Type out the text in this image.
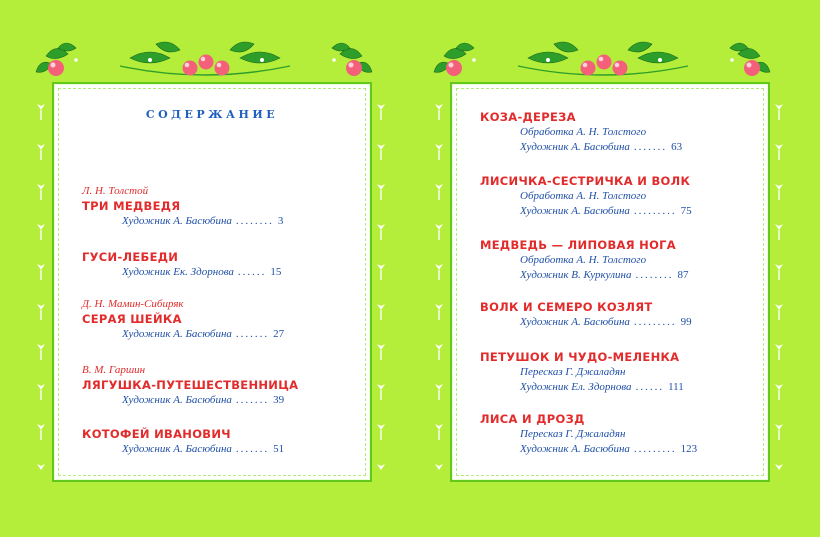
СОДЕРЖАНИЕ
Л. Н. Толстой
ТРИ МЕДВЕДЯ
Художник А. Басюбина ........ 3
ГУСИ-ЛЕБЕДИ
Художник Ек. Здорнова ...... 15
Д. Н. Мамин-Сибиряк
СЕРАЯ ШЕЙКА
Художник А. Басюбина ....... 27
В. М. Гаршин
ЛЯГУШКА-ПУТЕШЕСТВЕННИЦА
Художник А. Басюбина ....... 39
КОТОФЕЙ ИВАНОВИЧ
Художник А. Басюбина ....... 51
КОЗА-ДЕРЕЗА
Обработка А. Н. Толстого
Художник А. Басюбина ....... 63
ЛИСИЧКА-СЕСТРИЧКА И ВОЛК
Обработка А. Н. Толстого
Художник А. Басюбина ......... 75
МЕДВЕДЬ — ЛИПОВАЯ НОГА
Обработка А. Н. Толстого
Художник В. Куркулина ........ 87
ВОЛК И СЕМЕРО КОЗЛЯТ
Художник А. Басюбина ......... 99
ПЕТУШОК И ЧУДО-МЕЛЕНКА
Пересказ Г. Джаладян
Художник Ел. Здорнова ...... 111
ЛИСА И ДРОЗД
Пересказ Г. Джаладян
Художник А. Басюбина ......... 123
